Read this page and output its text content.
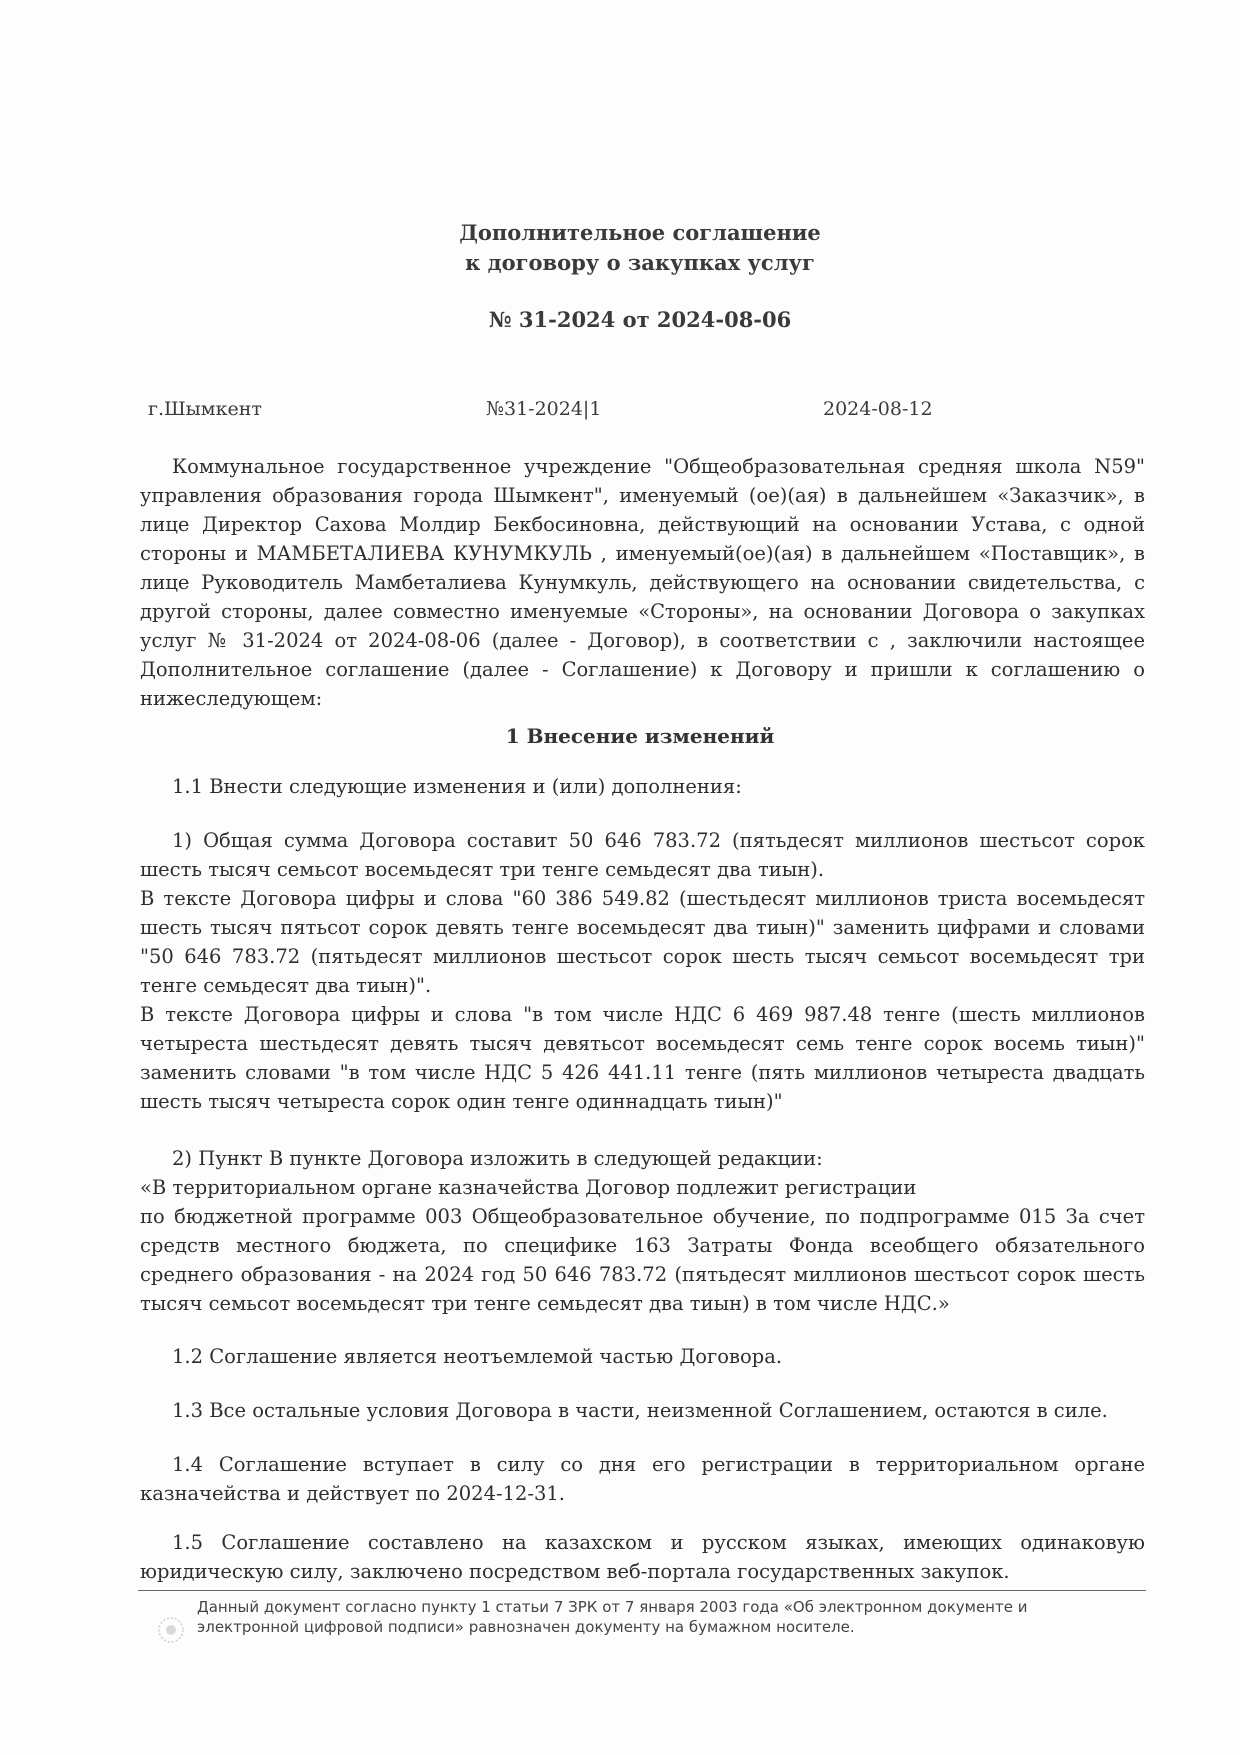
Дополнительное соглашение
к договору о закупках услуг
№ 31-2024 от 2024-08-06
г.Шымкент	№31-2024|1	2024-08-12

Коммунальное государственное учреждение "Общеобразовательная средняя школа N59" управления образования города Шымкент", именуемый (ое)(ая) в дальнейшем «Заказчик», в лице Директор Сахова Молдир Бекбосиновна, действующий на основании Устава, с одной стороны и МАМБЕТАЛИЕВА КУНУМКУЛЬ , именуемый(ое)(ая) в дальнейшем «Поставщик», в лице Руководитель Мамбеталиева Кунумкуль, действующего на основании свидетельства, с другой стороны, далее совместно именуемые «Стороны», на основании Договора о закупках услуг № 31-2024 от 2024-08-06 (далее - Договор), в соответствии с , заключили настоящее Дополнительное соглашение (далее - Соглашение) к Договору и пришли к соглашению о нижеследующем:

1 Внесение изменений

1.1 Внести следующие изменения и (или) дополнения:

1) Общая сумма Договора составит 50 646 783.72 (пятьдесят миллионов шестьсот сорок шесть тысяч семьсот восемьдесят три тенге семьдесят два тиын).

В тексте Договора цифры и слова "60 386 549.82 (шестьдесят миллионов триста восемьдесят шесть тысяч пятьсот сорок девять тенге восемьдесят два тиын)" заменить цифрами и словами "50 646 783.72 (пятьдесят миллионов шестьсот сорок шесть тысяч семьсот восемьдесят три тенге семьдесят два тиын)".

В тексте Договора цифры и слова "в том числе НДС 6 469 987.48 тенге (шесть миллионов четыреста шестьдесят девять тысяч девятьсот восемьдесят семь тенге сорок восемь тиын)" заменить словами "в том числе НДС 5 426 441.11 тенге (пять миллионов четыреста двадцать шесть тысяч четыреста сорок один тенге одиннадцать тиын)"

2) Пункт В пункте Договора изложить в следующей редакции:

«В территориальном органе казначейства Договор подлежит регистрации

по бюджетной программе 003 Общеобразовательное обучение, по подпрограмме 015 За счет средств местного бюджета, по специфике 163 Затраты Фонда всеобщего обязательного среднего образования - на 2024 год 50 646 783.72 (пятьдесят миллионов шестьсот сорок шесть тысяч семьсот восемьдесят три тенге семьдесят два тиын) в том числе НДС.»

1.2 Соглашение является неотъемлемой частью Договора.

1.3 Все остальные условия Договора в части, неизменной Соглашением, остаются в силе.

1.4 Соглашение вступает в силу со дня его регистрации в территориальном органе казначейства и действует по 2024-12-31.

1.5 Соглашение составлено на казахском и русском языках, имеющих одинаковую юридическую силу, заключено посредством веб-портала государственных закупок.

Данный документ согласно пункту 1 статьи 7 ЗРК от 7 января 2003 года «Об электронном документе и электронной цифровой подписи» равнозначен документу на бумажном носителе.
